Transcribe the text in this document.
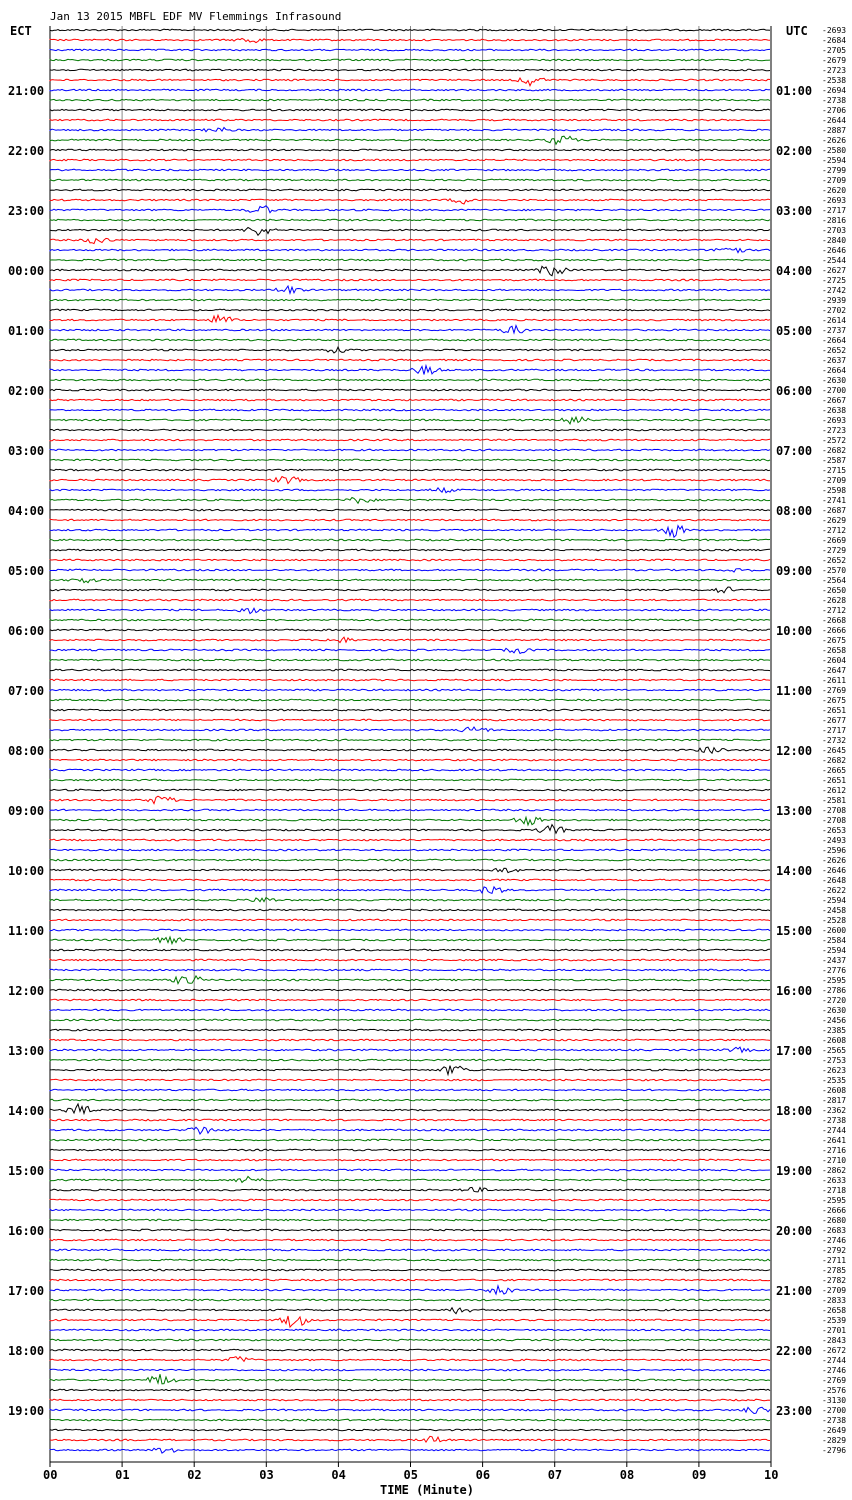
Jan 13 2015 MBFL EDF MV Flemmings Infrasound
ECT	UTC
21:00
22:00
23:00
00:00
01:00
02:00
03:00
04:00
05:00
06:00
07:00
08:00
09:00
10:00
11:00
12:00
13:00
14:00
15:00
16:00
17:00
18:00
19:00
01:00
02:00
03:00
04:00
05:00
06:00
07:00
08:00
09:00
10:00
11:00
12:00
13:00
14:00
15:00
16:00
17:00
18:00
19:00
20:00
21:00
22:00
23:00
-2693
-2684
-2705
-2679
-2723
-2538
-2694
-2738
-2706
-2644
-2887
-2626
-2580
-2594
-2799
-2709
-2620
-2693
-2717
-2816
-2703
-2840
-2646
-2544
-2627
-2725
-2742
-2939
-2702
-2614
-2737
-2664
-2652
-2637
-2664
-2630
-2700
-2667
-2638
-2693
-2723
-2572
-2682
-2587
-2715
-2709
-2598
-2741
-2687
-2629
-2712
-2669
-2729
-2652
-2570
-2564
-2650
-2628
-2712
-2668
-2666
-2675
-2658
-2604
-2647
-2611
-2769
-2675
-2651
-2677
-2717
-2732
-2645
-2682
-2665
-2651
-2612
-2581
-2708
-2708
-2653
-2493
-2596
-2626
-2646
-2648
-2622
-2594
-2458
-2528
-2600
-2584
-2594
-2437
-2776
-2595
-2786
-2720
-2630
-2456
-2385
-2608
-2565
-2753
-2623
-2535
-2608
-2817
-2362
-2738
-2744
-2641
-2716
-2710
-2862
-2633
-2718
-2595
-2666
-2680
-2683
-2746
-2792
-2711
-2785
-2782
-2709
-2833
-2658
-2539
-2701
-2843
-2672
-2744
-2746
-2769
-2576
-3130
-2700
-2738
-2649
-2829
-2796
00	01	02	03	04	05	06	07	08	09	10
TIME (Minute)
